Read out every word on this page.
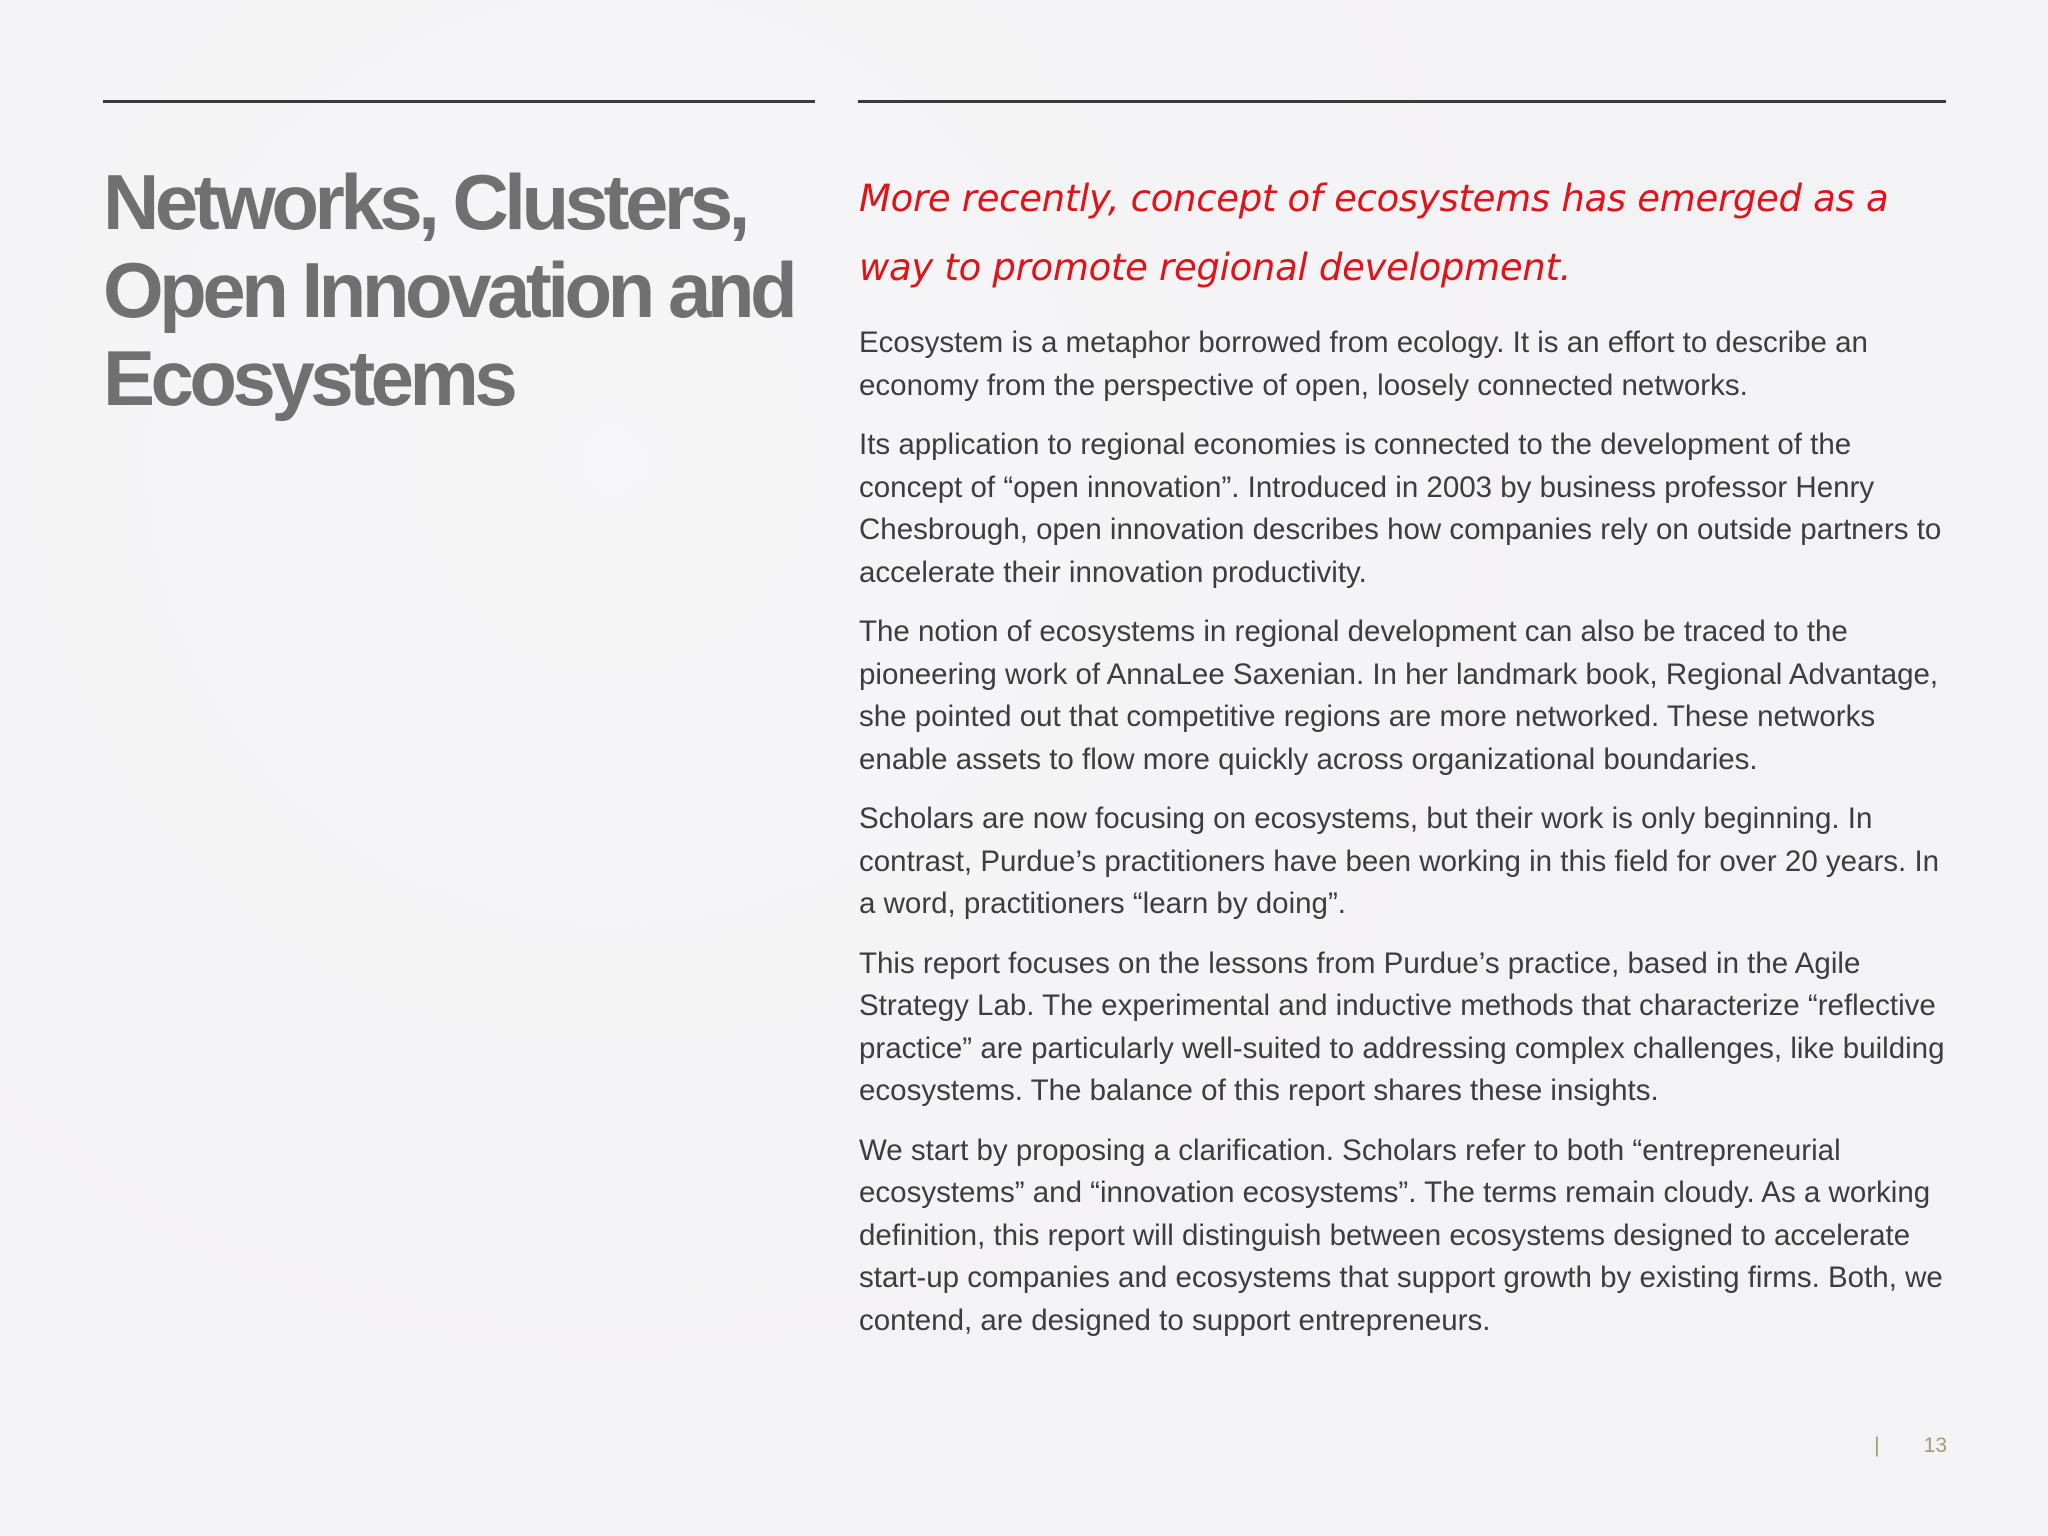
Networks, Clusters, Open Innovation and Ecosystems

More recently, concept of ecosystems has emerged as a way to promote regional development.

Ecosystem is a metaphor borrowed from ecology. It is an effort to describe an economy from the perspective of open, loosely connected networks.

Its application to regional economies is connected to the development of the concept of “open innovation”. Introduced in 2003 by business professor Henry Chesbrough, open innovation describes how companies rely on outside partners to accelerate their innovation productivity.

The notion of ecosystems in regional development can also be traced to the pioneering work of AnnaLee Saxenian. In her landmark book, Regional Advantage, she pointed out that competitive regions are more networked. These networks enable assets to flow more quickly across organizational boundaries.

Scholars are now focusing on ecosystems, but their work is only beginning. In contrast, Purdue’s practitioners have been working in this field for over 20 years. In a word, practitioners “learn by doing”.

This report focuses on the lessons from Purdue’s practice, based in the Agile Strategy Lab. The experimental and inductive methods that characterize “reflective practice” are particularly well-suited to addressing complex challenges, like building ecosystems. The balance of this report shares these insights.

We start by proposing a clarification. Scholars refer to both “entrepreneurial ecosystems” and “innovation ecosystems”. The terms remain cloudy. As a working definition, this report will distinguish between ecosystems designed to accelerate start-up companies and ecosystems that support growth by existing firms. Both, we contend, are designed to support entrepreneurs.

| 13
